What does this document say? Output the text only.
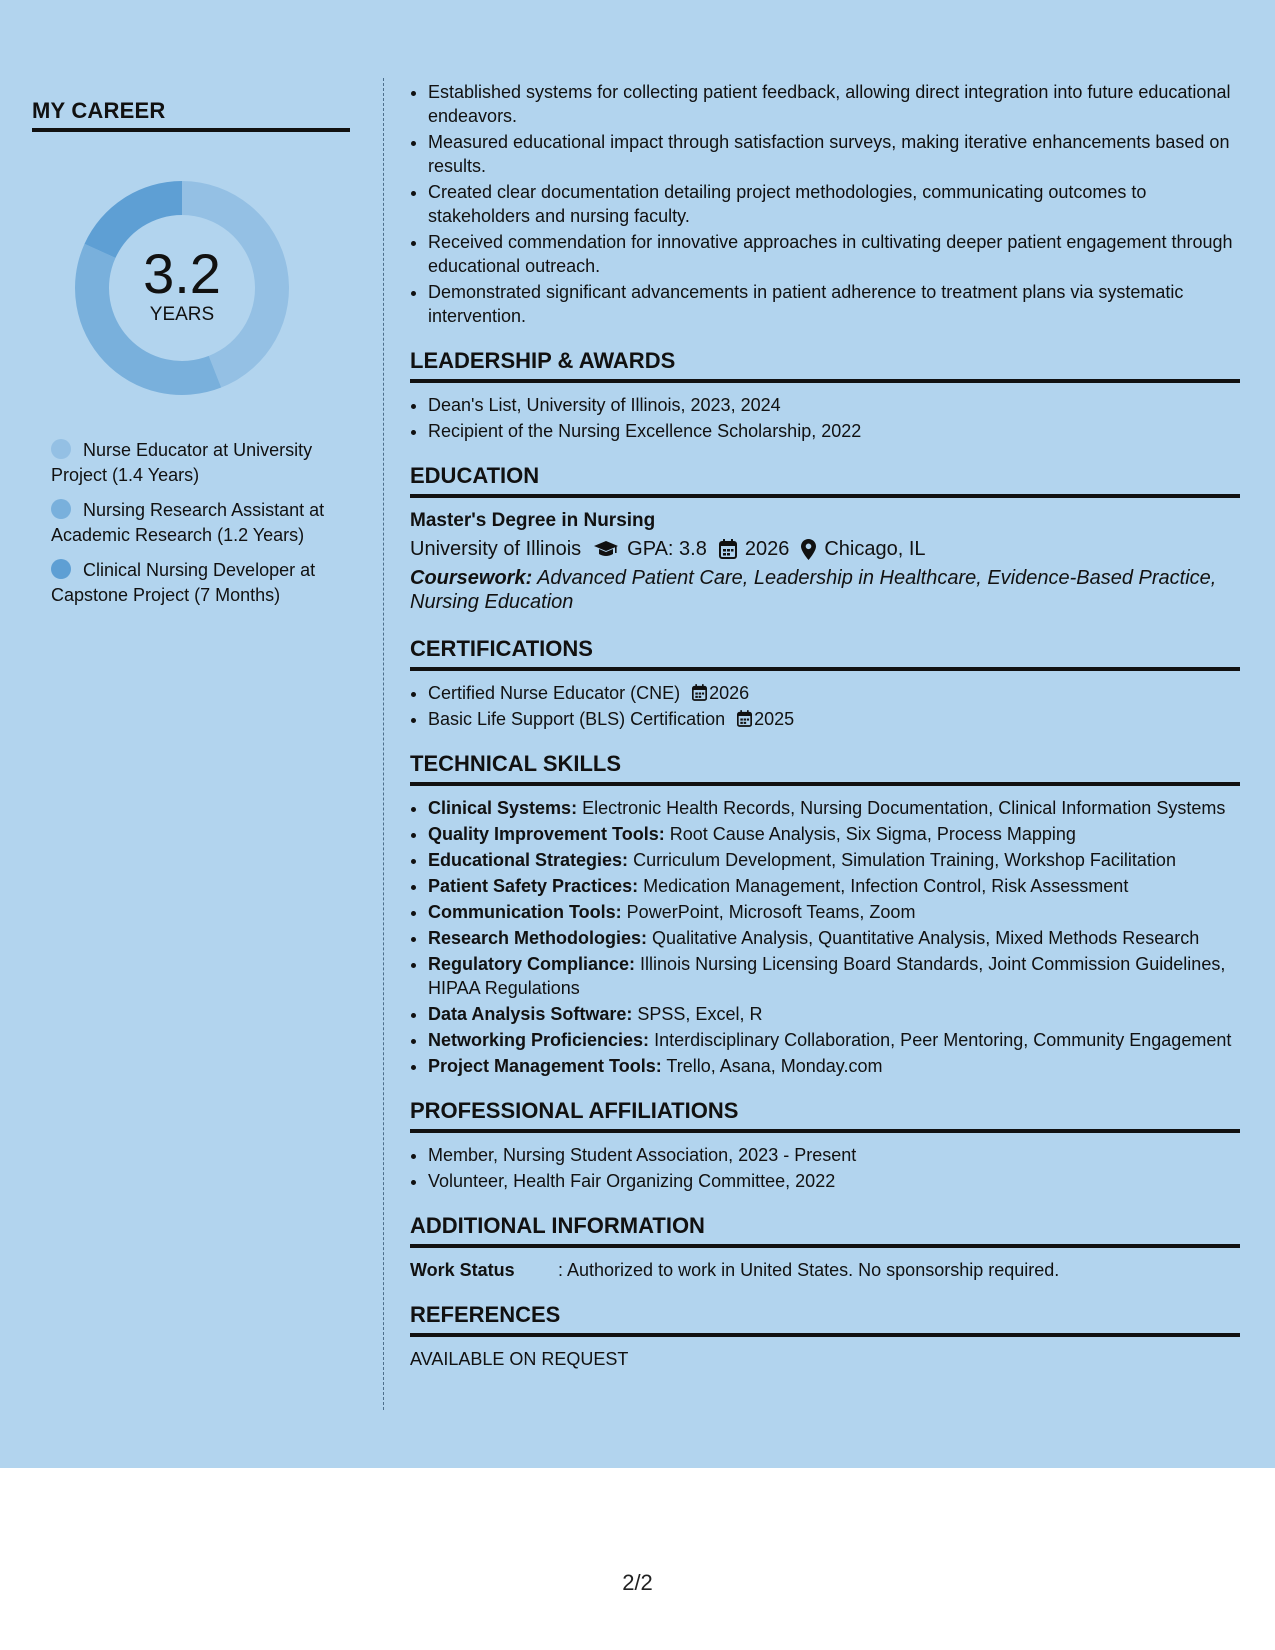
MY CAREER
3.2
YEARS
Nurse Educator at University Project (1.4 Years)
Nursing Research Assistant at Academic Research (1.2 Years)
Clinical Nursing Developer at Capstone Project (7 Months)
• Established systems for collecting patient feedback, allowing direct integration into future educational endeavors.
• Measured educational impact through satisfaction surveys, making iterative enhancements based on results.
• Created clear documentation detailing project methodologies, communicating outcomes to stakeholders and nursing faculty.
• Received commendation for innovative approaches in cultivating deeper patient engagement through educational outreach.
• Demonstrated significant advancements in patient adherence to treatment plans via systematic intervention.
LEADERSHIP & AWARDS
• Dean's List, University of Illinois, 2023, 2024
• Recipient of the Nursing Excellence Scholarship, 2022
EDUCATION
Master's Degree in Nursing
University of Illinois GPA: 3.8 2026 Chicago, IL
Coursework: Advanced Patient Care, Leadership in Healthcare, Evidence-Based Practice, Nursing Education
CERTIFICATIONS
• Certified Nurse Educator (CNE) 2026
• Basic Life Support (BLS) Certification 2025
TECHNICAL SKILLS
• Clinical Systems: Electronic Health Records, Nursing Documentation, Clinical Information Systems
• Quality Improvement Tools: Root Cause Analysis, Six Sigma, Process Mapping
• Educational Strategies: Curriculum Development, Simulation Training, Workshop Facilitation
• Patient Safety Practices: Medication Management, Infection Control, Risk Assessment
• Communication Tools: PowerPoint, Microsoft Teams, Zoom
• Research Methodologies: Qualitative Analysis, Quantitative Analysis, Mixed Methods Research
• Regulatory Compliance: Illinois Nursing Licensing Board Standards, Joint Commission Guidelines, HIPAA Regulations
• Data Analysis Software: SPSS, Excel, R
• Networking Proficiencies: Interdisciplinary Collaboration, Peer Mentoring, Community Engagement
• Project Management Tools: Trello, Asana, Monday.com
PROFESSIONAL AFFILIATIONS
• Member, Nursing Student Association, 2023 - Present
• Volunteer, Health Fair Organizing Committee, 2022
ADDITIONAL INFORMATION
Work Status	: Authorized to work in United States. No sponsorship required.
REFERENCES
AVAILABLE ON REQUEST
2/2
